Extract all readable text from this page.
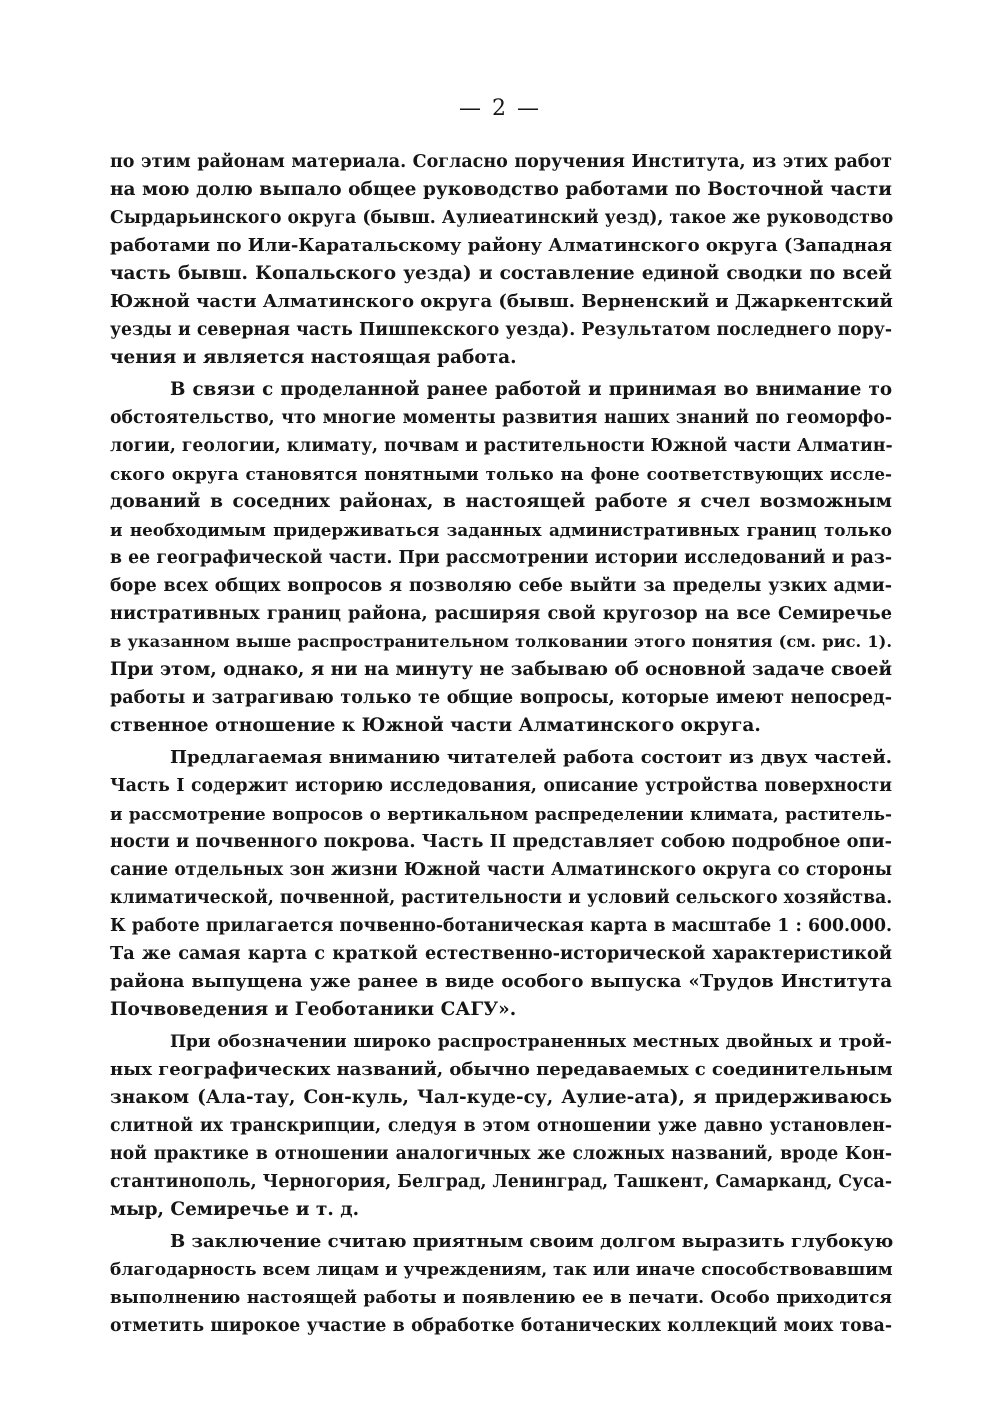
— 2 —
по этим районам материала. Согласно поручения Института, из этих работ
на мою долю выпало общее руководство работами по Восточной части
Сырдарьинского округа (бывш. Аулиеатинский уезд), такое же руководство
работами по Или-Каратальскому району Алматинского округа (Западная
часть бывш. Копальского уезда) и составление единой сводки по всей
Южной части Алматинского округа (бывш. Верненский и Джаркентский
уезды и северная часть Пишпекского уезда). Результатом последнего пору-
чения и является настоящая работа.
В связи с проделанной ранее работой и принимая во внимание то
обстоятельство, что многие моменты развития наших знаний по геоморфо-
логии, геологии, климату, почвам и растительности Южной части Алматин-
ского округа становятся понятными только на фоне соответствующих иссле-
дований в соседних районах, в настоящей работе я счел возможным
и необходимым придерживаться заданных административных границ только
в ее географической части. При рассмотрении истории исследований и раз-
боре всех общих вопросов я позволяю себе выйти за пределы узких адми-
нистративных границ района, расширяя свой кругозор на все Семиречье
в указанном выше распространительном толковании этого понятия (см. рис. 1).
При этом, однако, я ни на минуту не забываю об основной задаче своей
работы и затрагиваю только те общие вопросы, которые имеют непосред-
ственное отношение к Южной части Алматинского округа.
Предлагаемая вниманию читателей работа состоит из двух частей.
Часть I содержит историю исследования, описание устройства поверхности
и рассмотрение вопросов о вертикальном распределении климата, раститель-
ности и почвенного покрова. Часть II представляет собою подробное опи-
сание отдельных зон жизни Южной части Алматинского округа со стороны
климатической, почвенной, растительности и условий сельского хозяйства.
К работе прилагается почвенно-ботаническая карта в масштабе 1 : 600.000.
Та же самая карта с краткой естественно-исторической характеристикой
района выпущена уже ранее в виде особого выпуска «Трудов Института
Почвоведения и Геоботаники САГУ».
При обозначении широко распространенных местных двойных и трой-
ных географических названий, обычно передаваемых с соединительным
знаком (Ала-тау, Сон-куль, Чал-куде-су, Аулие-ата), я придерживаюсь
слитной их транскрипции, следуя в этом отношении уже давно установлен-
ной практике в отношении аналогичных же сложных названий, вроде Кон-
стантинополь, Черногория, Белград, Ленинград, Ташкент, Самарканд, Суса-
мыр, Семиречье и т. д.
В заключение считаю приятным своим долгом выразить глубокую
благодарность всем лицам и учреждениям, так или иначе способствовавшим
выполнению настоящей работы и появлению ее в печати. Особо приходится
отметить широкое участие в обработке ботанических коллекций моих това-
